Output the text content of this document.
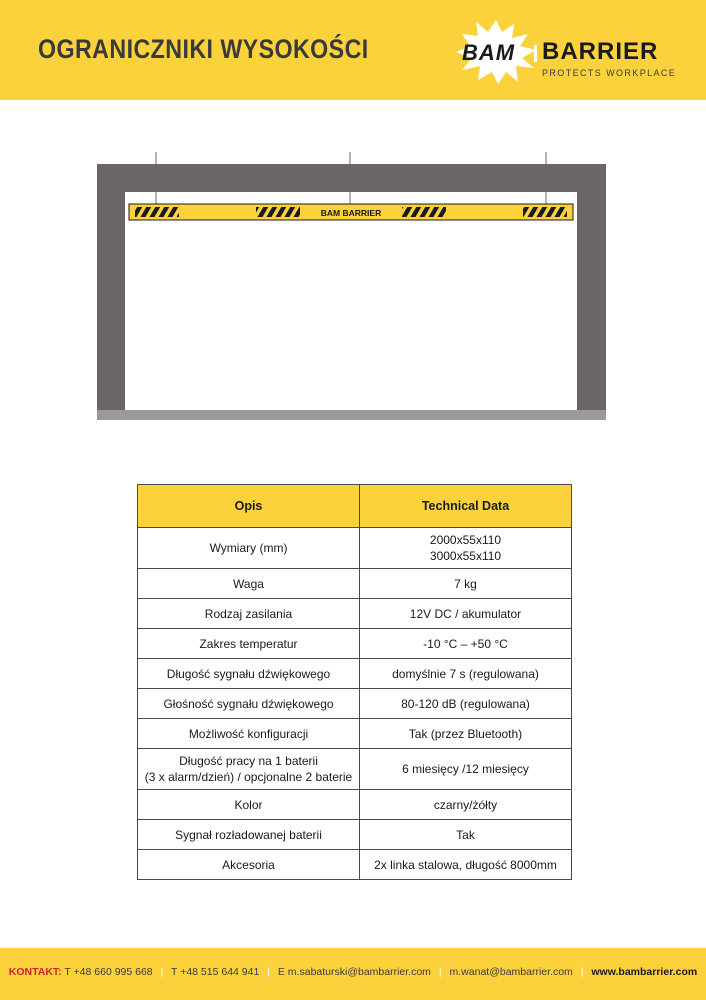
OGRANICZNIKI WYSOKOŚCI	BAM BARRIER
PROTECTS WORKPLACE
BAM BARRIER
Opis	Technical Data

Wymiary (mm)	2000x55x110
3000x55x110

Waga	7 kg

Rodzaj zasilania	12V DC / akumulator

Zakres temperatur	-10 °C – +50 °C

Długość sygnału dźwiękowego	domyślnie 7 s (regulowana)

Głośność sygnału dźwiękowego	80-120 dB (regulowana)

Możliwość konfiguracji	Tak (przez Bluetooth)

Długość pracy na 1 baterii
(3 x alarm/dzień) / opcjonalne 2 baterie	6 miesięcy /12 miesięcy

Kolor	czarny/żółty

Sygnał rozładowanej baterii	Tak

Akcesoria	2x linka stalowa, długość 8000mm
KONTAKT: T +48 660 995 668 | T +48 515 644 941 | E m.sabaturski@bambarrier.com | m.wanat@bambarrier.com | www.bambarrier.com
